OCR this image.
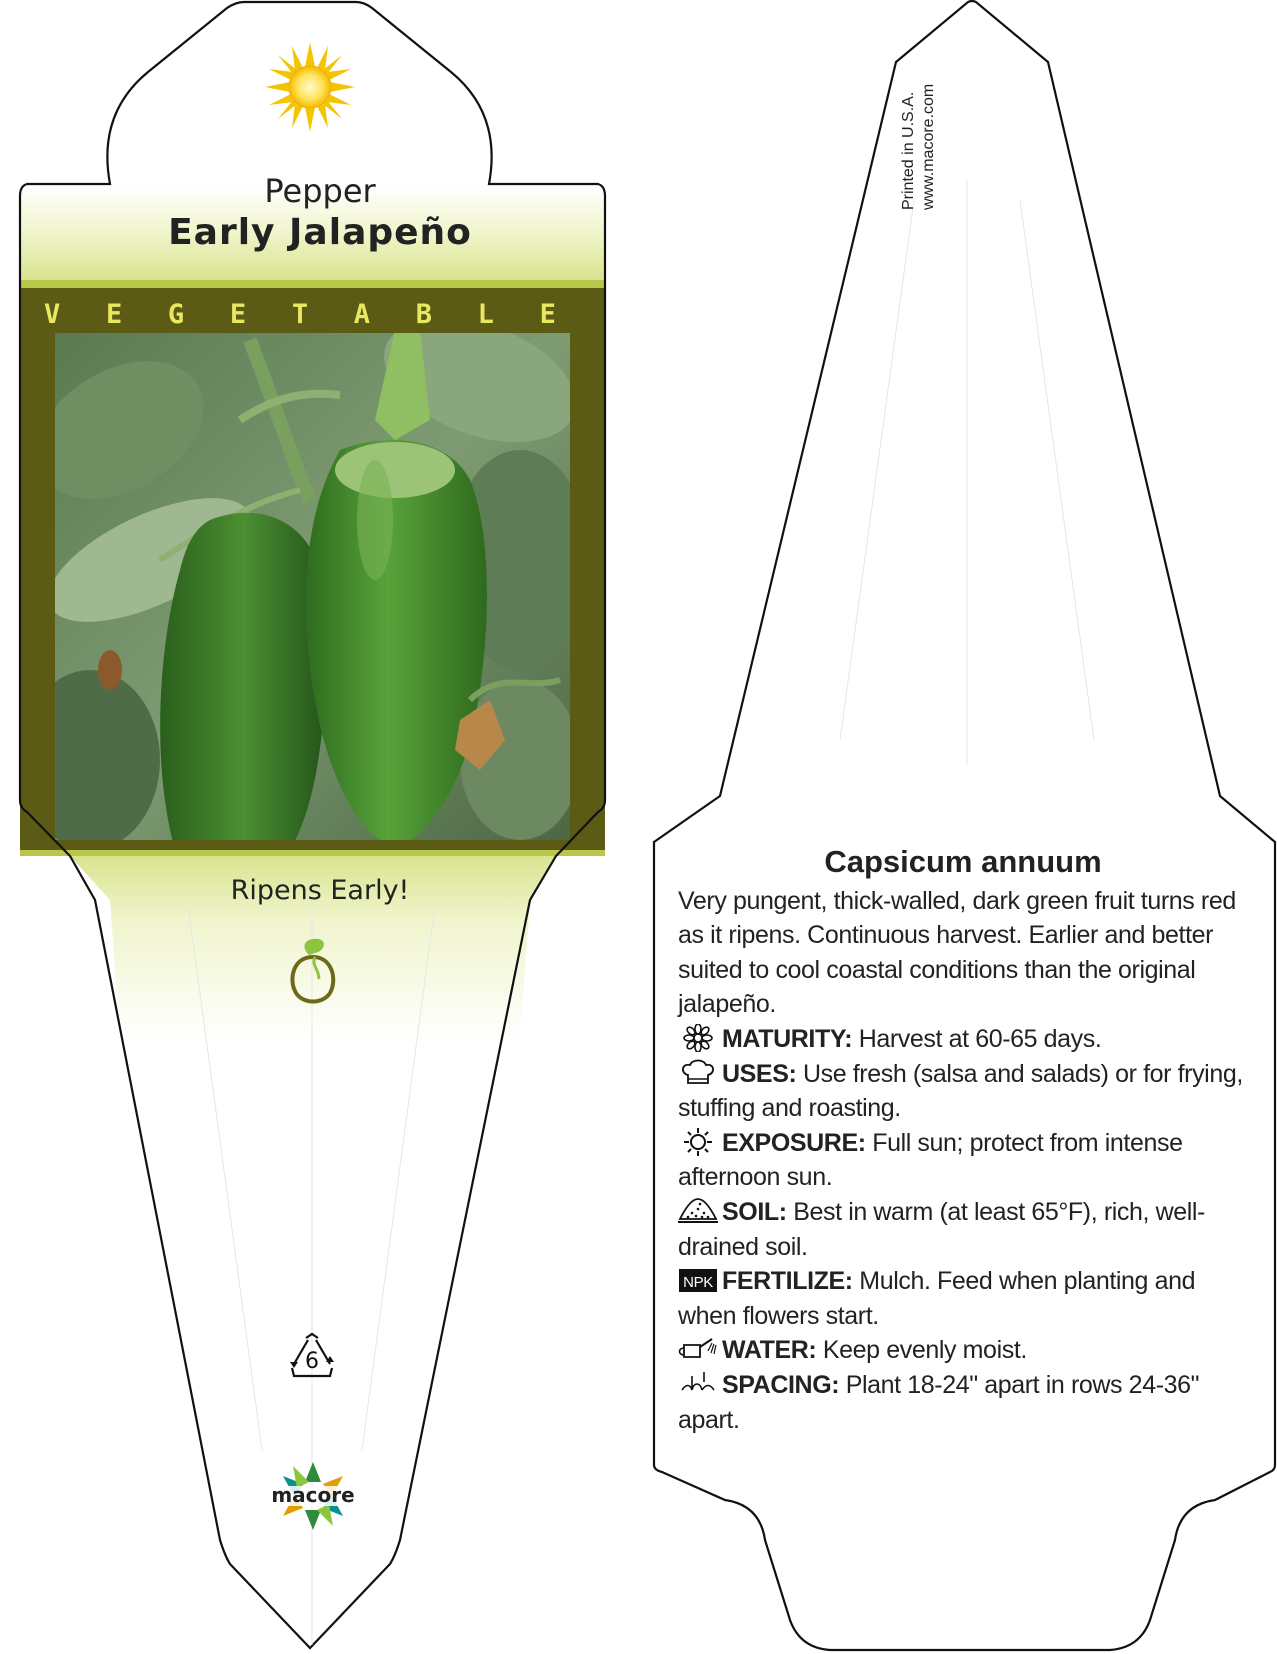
Pepper
Early Jalapeño
V E G E T A B L E
Ripens Early!
6
macore
Printed in U.S.A. www.macore.com
Capsicum annuum

Very pungent, thick-walled, dark green fruit turns red as it ripens. Continuous harvest. Earlier and better suited to cool coastal conditions than the original jalapeño.

MATURITY: Harvest at 60-65 days.

USES: Use fresh (salsa and salads) or for frying, stuffing and roasting.

EXPOSURE: Full sun; protect from intense afternoon sun.

SOIL: Best in warm (at least 65°F), rich, well-drained soil.

NPK FERTILIZE: Mulch. Feed when planting and when flowers start.

WATER: Keep evenly moist.

SPACING: Plant 18-24" apart in rows 24-36" apart.
